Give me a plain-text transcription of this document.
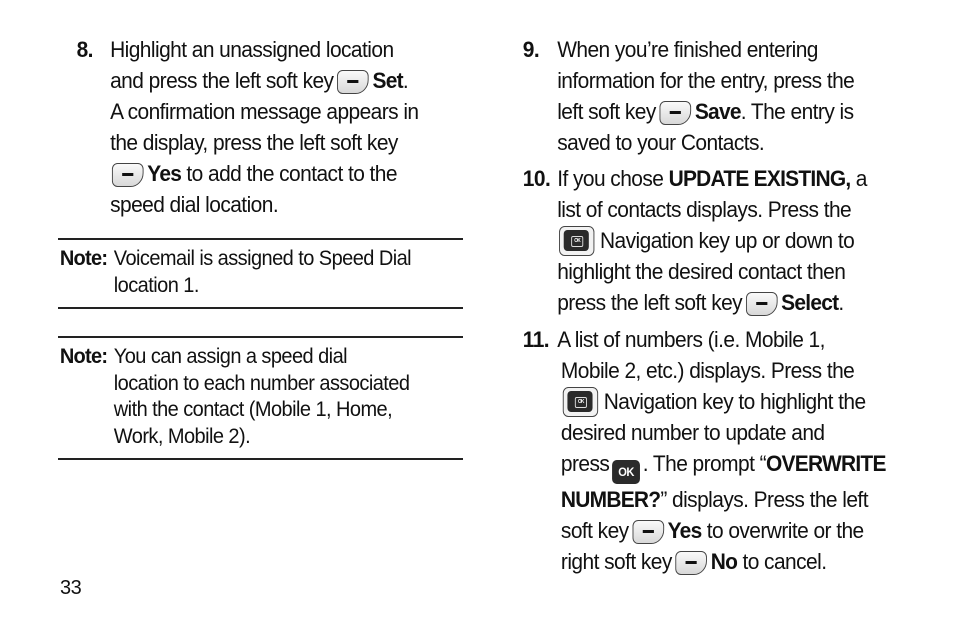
8. Highlight an unassigned location
and press the left soft key Set.
A confirmation message appears in
the display, press the left soft key
Yes to add the contact to the
speed dial location.
Note: Voicemail is assigned to Speed Dial
location 1.
Note: You can assign a speed dial
location to each number associated
with the contact (Mobile 1, Home,
Work, Mobile 2).
9. When you’re finished entering
information for the entry, press the
left soft key Save. The entry is
saved to your Contacts.
10. If you chose UPDATE EXISTING, a
list of contacts displays. Press the
OK Navigation key up or down to
highlight the desired contact then
press the left soft key Select.
11. A list of numbers (i.e. Mobile 1,
Mobile 2, etc.) displays. Press the
OK Navigation key to highlight the
desired number to update and
press OK . The prompt “OVERWRITE
NUMBER?” displays. Press the left
soft key Yes to overwrite or the
right soft key No to cancel.
33
